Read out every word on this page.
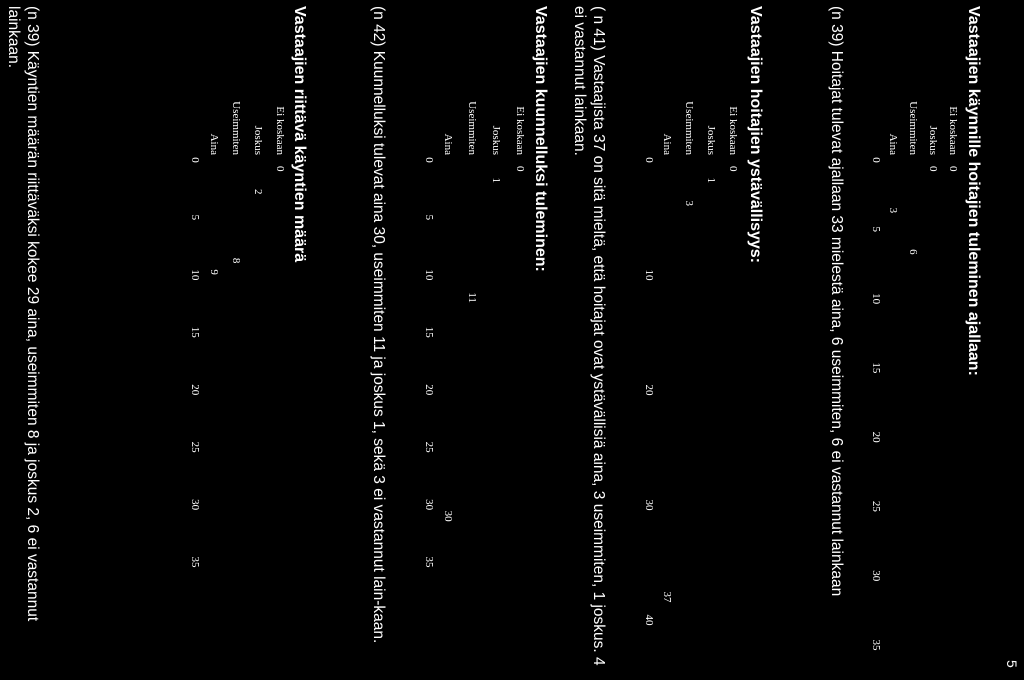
5
Vastaajien käynnille hoitajien tuleminen ajallaan:
Ei koskaan
0
Joskus
0
Useimmiten
6
Aina
3
0
5
10
15
20
25
30
35
(n 39) Hoitajat tulevat ajallaan 33 mielestä aina, 6 useimmiten, 6 ei vastannut lainkaan
Vastaajien hoitajien ystävällisyys:
Ei koskaan
0
Joskus
1
Useimmiten
3
Aina
37
0
10
20
30
40
( n 41) Vastaajista 37 on sitä mieltä, että hoitajat ovat ystävällisiä aina, 3 useimmiten, 1 joskus. 4 ei vastannut lainkaan.
Vastaajien kuunnelluksi tuleminen:
Ei koskaan
0
Joskus
1
Useimmiten
11
Aina
30
0
5
10
15
20
25
30
35
(n 42) Kuunnelluksi tulevat aina 30, useimmiten 11 ja joskus 1, sekä 3 ei vastannut lain-kaan.
Vastaajien riittävä käyntien määrä
Ei koskaan
0
Joskus
2
Useimmiten
8
Aina
9
0
5
10
15
20
25
30
35
(n 39) Käyntien määrän riittäväksi kokee 29 aina, useimmiten 8 ja joskus 2, 6 ei vastannut lainkaan.
